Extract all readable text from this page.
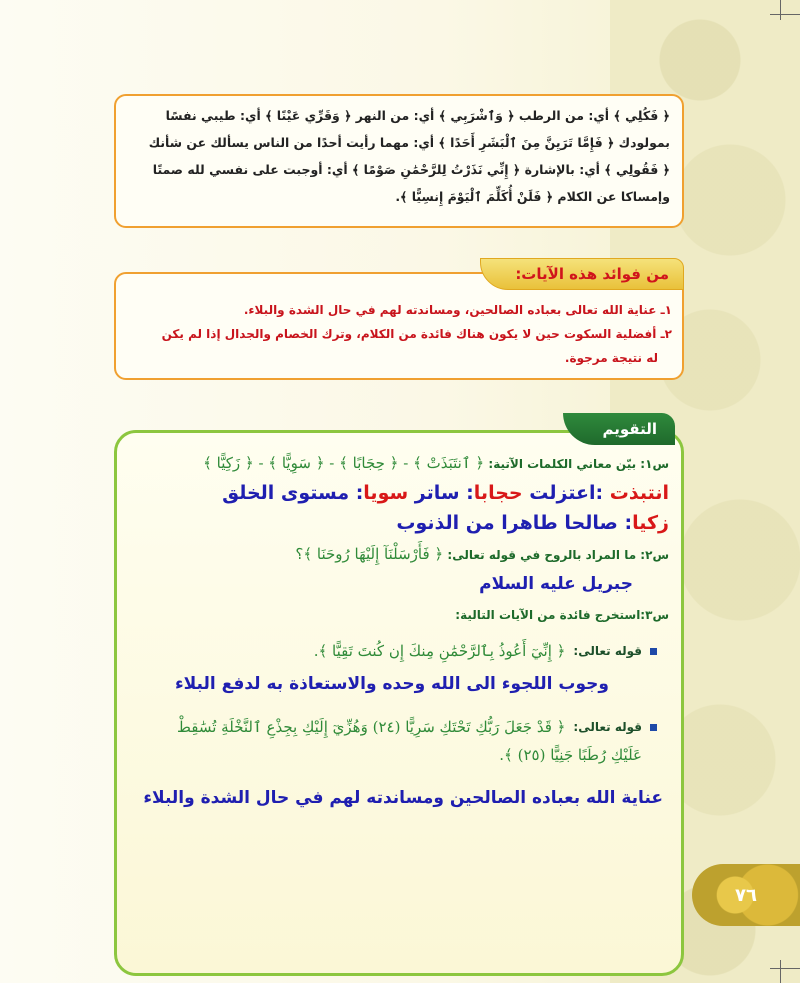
﴿ فَكُلِي ﴾ أي: من الرطب ﴿ وَٱشْرَبِي ﴾ أي: من النهر ﴿ وَقَرِّي عَيْنًا ﴾ أي: طيبي نفسًا

بمولودك ﴿ فَإِمَّا تَرَيِنَّ مِنَ ٱلْبَشَرِ أَحَدًا ﴾ أي: مهما رأيت أحدًا من الناس يسألك عن شأنك

﴿ فَقُولِي ﴾ أي: بالإشارة ﴿ إِنِّي نَذَرْتُ لِلرَّحْمَٰنِ صَوْمًا ﴾ أي: أوجبت على نفسي لله صمتًا

وإمساكا عن الكلام ﴿ فَلَنْ أُكَلِّمَ ٱلْيَوْمَ إِنسِيًّا ﴾.

من فوائد هذه الآيات:
١ـ عناية الله تعالى بعباده الصالحين، ومساندته لهم في حال الشدة والبلاء.
٢ـ أفضلية السكوت حين لا يكون هناك فائدة من الكلام، وترك الخصام والجدال إذا لم يكن
له نتيجة مرجوة.
التقويم
س١: بيّن معاني الكلمات الآتية: ﴿ ٱنتَبَذَتْ ﴾ - ﴿ حِجَابًا ﴾ - ﴿ سَوِيًّا ﴾ - ﴿ زَكِيًّا ﴾
انتبذت :اعتزلت حجابا: ساتر سويا: مستوى الخلق
زكيا: صالحا طاهرا من الذنوب
س٢: ما المراد بالروح في قوله تعالى: ﴿ فَأَرْسَلْنَآ إِلَيْهَا رُوحَنَا ﴾؟
جبريل عليه السلام
س٣:استخرج فائدة من الآيات التالية:
قوله تعالى:
﴿ إِنِّيٓ أَعُوذُ بِٱلرَّحْمَٰنِ مِنكَ إِن كُنتَ تَقِيًّا ﴾.
وجوب اللجوء الى الله وحده والاستعاذة به لدفع البلاء
قوله تعالى:
﴿ قَدْ جَعَلَ رَبُّكِ تَحْتَكِ سَرِيًّا (٢٤) وَهُزِّيٓ إِلَيْكِ بِجِذْعِ ٱلنَّخْلَةِ تُسَٰقِطْ
عَلَيْكِ رُطَبًا جَنِيًّا (٢٥) ﴾.
عناية الله بعباده الصالحين ومساندته لهم في حال الشدة والبلاء
٧٦
